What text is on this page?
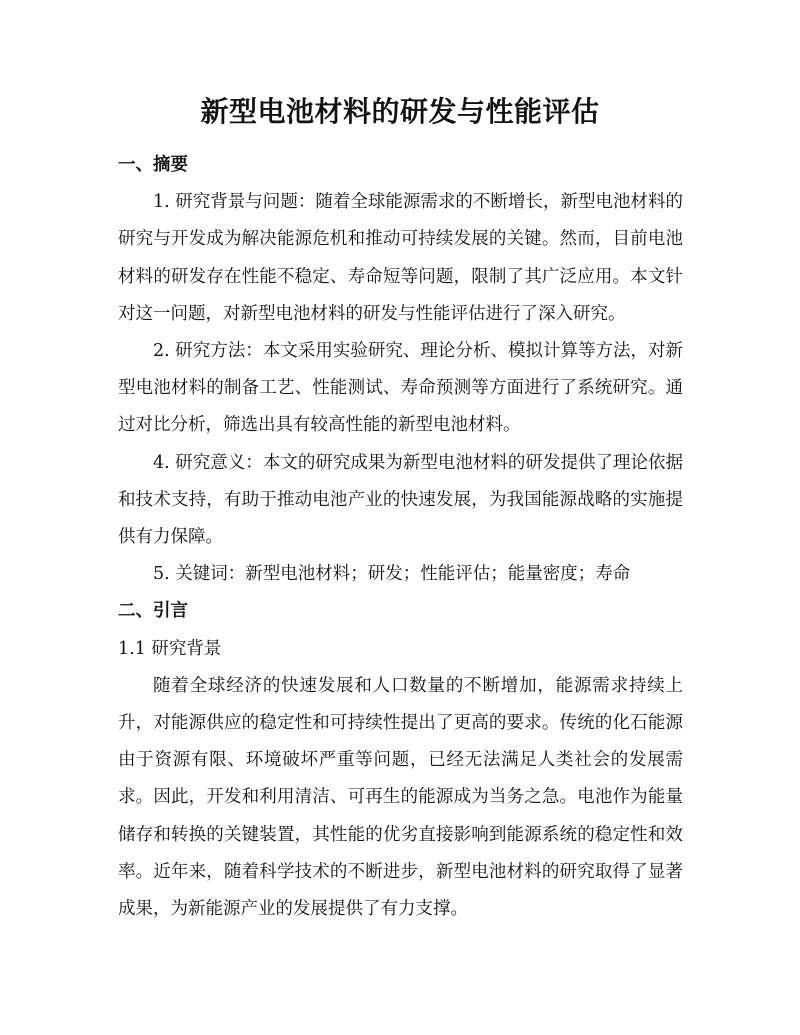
新型电池材料的研发与性能评估
一、摘要

1. 研究背景与问题：随着全球能源需求的不断增长，新型电池材料的研究与开发成为解决能源危机和推动可持续发展的关键。然而，目前电池材料的研发存在性能不稳定、寿命短等问题，限制了其广泛应用。本文针对这一问题，对新型电池材料的研发与性能评估进行了深入研究。

2. 研究方法：本文采用实验研究、理论分析、模拟计算等方法，对新型电池材料的制备工艺、性能测试、寿命预测等方面进行了系统研究。通过对比分析，筛选出具有较高性能的新型电池材料。

4. 研究意义：本文的研究成果为新型电池材料的研发提供了理论依据和技术支持，有助于推动电池产业的快速发展，为我国能源战略的实施提供有力保障。

5. 关键词：新型电池材料；研发；性能评估；能量密度；寿命

二、引言

1.1 研究背景

随着全球经济的快速发展和人口数量的不断增加，能源需求持续上升，对能源供应的稳定性和可持续性提出了更高的要求。传统的化石能源由于资源有限、环境破坏严重等问题，已经无法满足人类社会的发展需求。因此，开发和利用清洁、可再生的能源成为当务之急。电池作为能量储存和转换的关键装置，其性能的优劣直接影响到能源系统的稳定性和效率。近年来，随着科学技术的不断进步，新型电池材料的研究取得了显著成果，为新能源产业的发展提供了有力支撑。
